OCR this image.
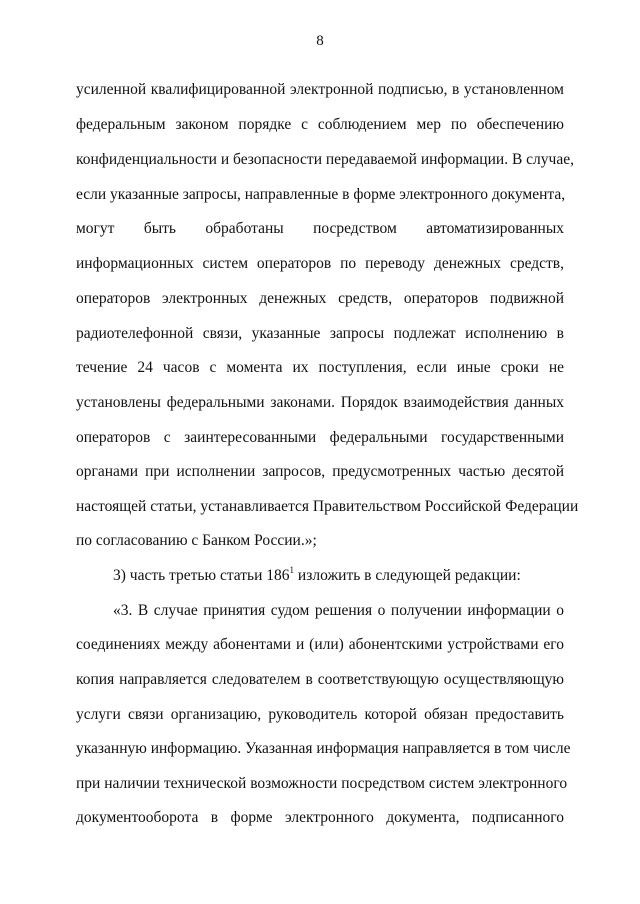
8
усиленной квалифицированной электронной подписью, в установленном
федеральным законом порядке с соблюдением мер по обеспечению
конфиденциальности и безопасности передаваемой информации. В случае,
если указанные запросы, направленные в форме электронного документа,
могут быть обработаны посредством автоматизированных
информационных систем операторов по переводу денежных средств,
операторов электронных денежных средств, операторов подвижной
радиотелефонной связи, указанные запросы подлежат исполнению в
течение 24 часов с момента их поступления, если иные сроки не
установлены федеральными законами. Порядок взаимодействия данных
операторов с заинтересованными федеральными государственными
органами при исполнении запросов, предусмотренных частью десятой
настоящей статьи, устанавливается Правительством Российской Федерации
по согласованию с Банком России.»;
3) часть третью статьи $186^1$ изложить в следующей редакции:
«3. В случае принятия судом решения о получении информации о
соединениях между абонентами и (или) абонентскими устройствами его
копия направляется следователем в соответствующую осуществляющую
услуги связи организацию, руководитель которой обязан предоставить
указанную информацию. Указанная информация направляется в том числе
при наличии технической возможности посредством систем электронного
документооборота в форме электронного документа, подписанного
